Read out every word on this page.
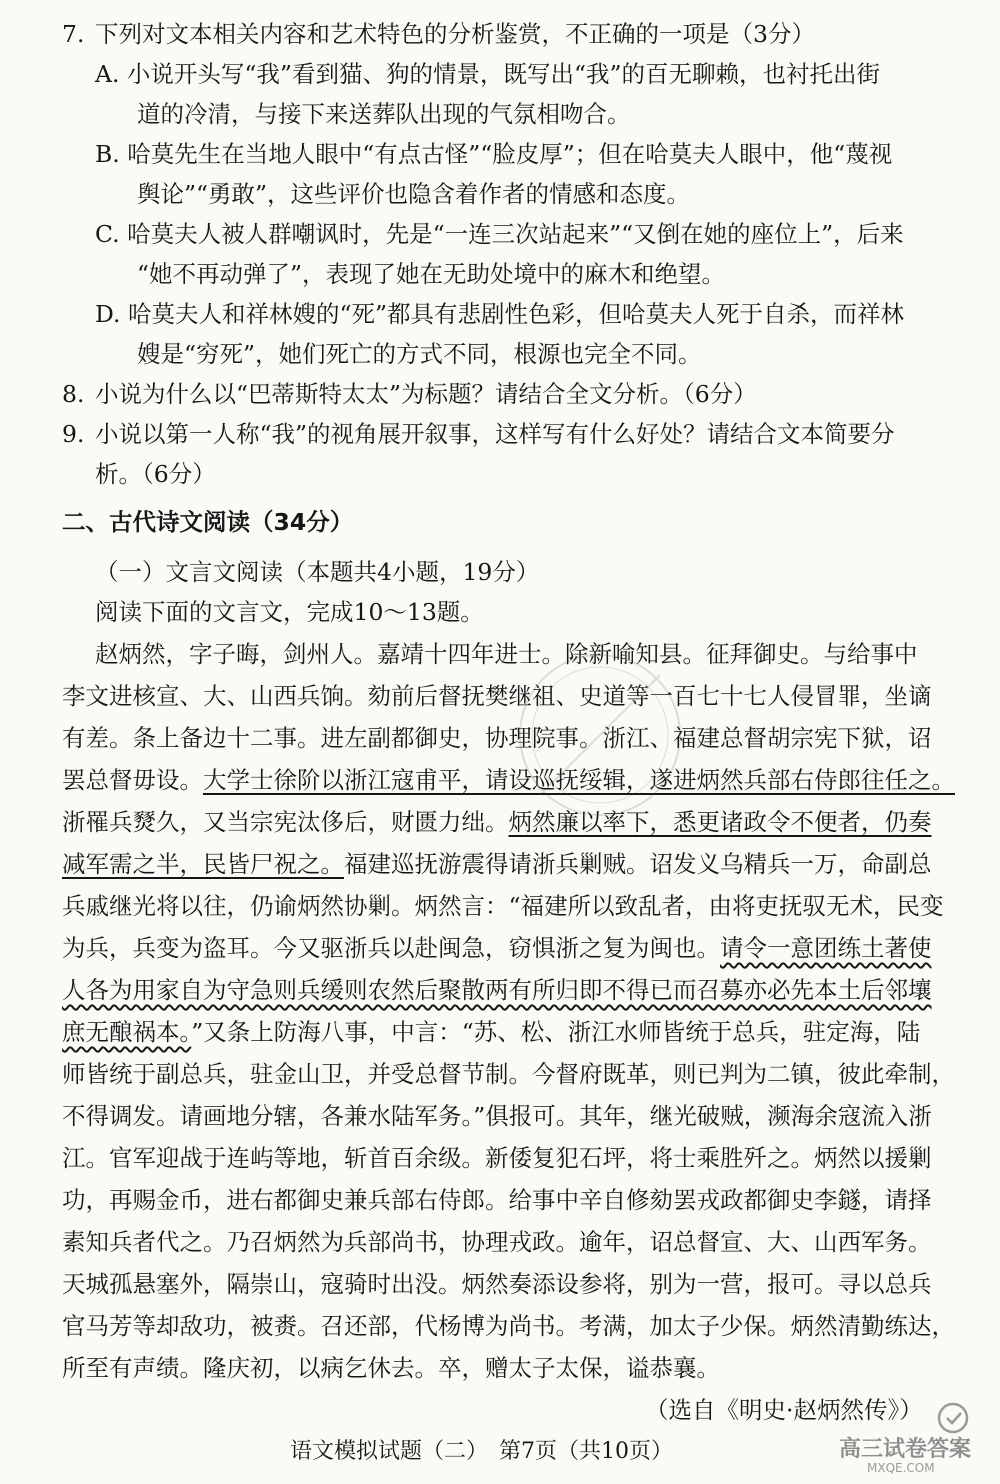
7. 下列对文本相关内容和艺术特色的分析鉴赏，不正确的一项是（3分）

A. 小说开头写“我”看到猫、狗的情景，既写出“我”的百无聊赖，也衬托出街

道的冷清，与接下来送葬队出现的气氛相吻合。

B. 哈莫先生在当地人眼中“有点古怪”“脸皮厚”；但在哈莫夫人眼中，他“蔑视

舆论”“勇敢”，这些评价也隐含着作者的情感和态度。

C. 哈莫夫人被人群嘲讽时，先是“一连三次站起来”“又倒在她的座位上”，后来

“她不再动弹了”，表现了她在无助处境中的麻木和绝望。

D. 哈莫夫人和祥林嫂的“死”都具有悲剧性色彩，但哈莫夫人死于自杀，而祥林

嫂是“穷死”，她们死亡的方式不同，根源也完全不同。

8. 小说为什么以“巴蒂斯特太太”为标题？请结合全文分析。（6分）

9. 小说以第一人称“我”的视角展开叙事，这样写有什么好处？请结合文本简要分

析。（6分）

二、古代诗文阅读（34分）

（一）文言文阅读（本题共4小题，19分）

阅读下面的文言文，完成10～13题。

赵炳然，字子晦，剑州人。嘉靖十四年进士。除新喻知县。征拜御史。与给事中

李文进核宣、大、山西兵饷。劾前后督抚樊继祖、史道等一百七十七人侵冒罪，坐谪

有差。条上备边十二事。进左副都御史，协理院事。浙江、福建总督胡宗宪下狱，诏

罢总督毋设。大学士徐阶以浙江寇甫平，请设巡抚绥辑，遂进炳然兵部右侍郎往任之。

浙罹兵燹久，又当宗宪汰侈后，财匮力绌。炳然廉以率下，悉更诸政令不便者，仍奏

减军需之半，民皆尸祝之。福建巡抚游震得请浙兵剿贼。诏发义乌精兵一万，命副总

兵戚继光将以往，仍谕炳然协剿。炳然言：“福建所以致乱者，由将吏抚驭无术，民变

为兵，兵变为盗耳。今又驱浙兵以赴闽急，窃惧浙之复为闽也。请令一意团练土著使

人各为用家自为守急则兵缓则农然后聚散两有所归即不得已而召募亦必先本土后邻壤

庶无酿祸本。”又条上防海八事，中言：“苏、松、浙江水师皆统于总兵，驻定海，陆

师皆统于副总兵，驻金山卫，并受总督节制。今督府既革，则已判为二镇，彼此牵制，

不得调发。请画地分辖，各兼水陆军务。”俱报可。其年，继光破贼，濒海余寇流入浙

江。官军迎战于连屿等地，斩首百余级。新倭复犯石坪，将士乘胜歼之。炳然以援剿

功，再赐金币，进右都御史兼兵部右侍郎。给事中辛自修劾罢戎政都御史李鐩，请择

素知兵者代之。乃召炳然为兵部尚书，协理戎政。逾年，诏总督宣、大、山西军务。

天城孤悬塞外，隔崇山，寇骑时出没。炳然奏添设参将，别为一营，报可。寻以总兵

官马芳等却敌功，被赉。召还部，代杨博为尚书。考满，加太子少保。炳然清勤练达，

所至有声绩。隆庆初，以病乞休去。卒，赠太子太保，谥恭襄。

（选自《明史·赵炳然传》）

语文模拟试题（二）　第7页（共10页）	高三试卷答案
MXQE.COM
